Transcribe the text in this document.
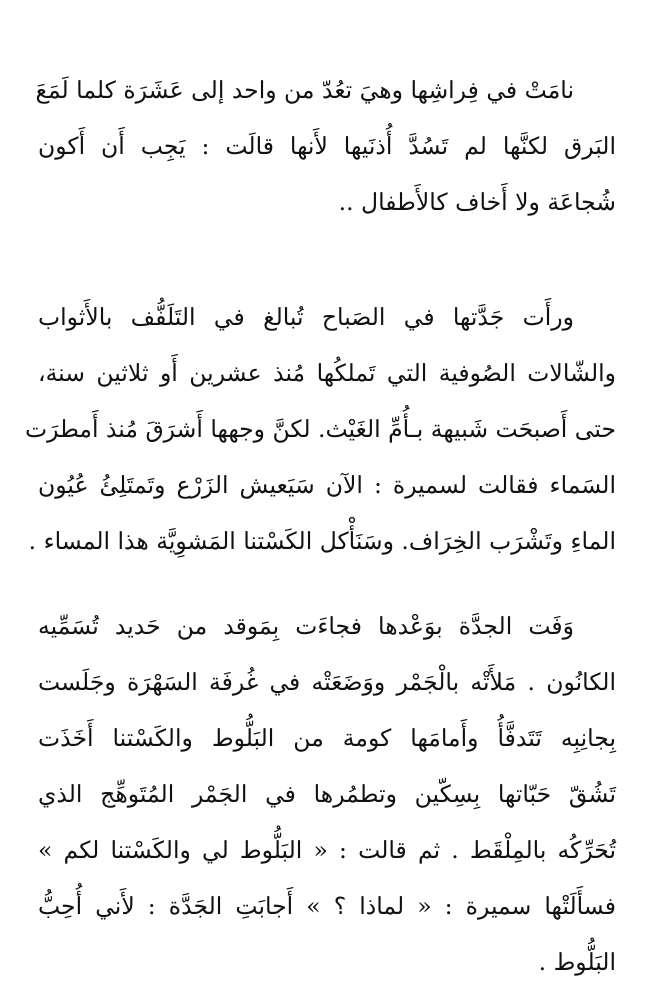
نامَتْ في فِراشِها وهيَ تعُدّ من واحد إلى عَشَرَة كلما لَمَعَ
البَرق لكنَّها لم تَسُدَّ أُذنَيها لأَنها قالَت : يَجِب أَن أَكون
شُجاعَة ولا أَخاف كالأَطفال ..
ورأَت جَدَّتها في الصَباح تُبالغ في التَلَفُّف بالأَثواب
والشّالات الصُوفية التي تَملكُها مُنذ عشرين أَو ثلاثين سنة،
حتى أَصبحَت شَبيهة بـأُمِّ الغَيْث. لكنَّ وجهها أَشرَقَ مُنذ أَمطرَت
السَماء فقالت لسميرة : الآن سَيَعيش الزَرْع وتَمتَلِئُ عُيُون
الماءِ وتَشْرَب الخِرَاف. وسَنَأْكل الكَسْتنا المَشوِيَّة هذا المساء .
وَفَت الجدَّة بوَعْدها فجاءَت بِمَوقد من حَديد تُسَمِّيه
الكانُون . مَلأَتْه بالْجَمْر ووَضَعَتْه في غُرفَة السَهْرَة وجَلَست
بِجانِبِه تَتَدفَّأُ وأَمامَها كومة من البَلُّوط والكَسْتنا أَخَذَت
تَشُقّ حَبّاتها بِسِكّين وتطمُرها في الجَمْر المُتَوهِّج الذي
تُحَرِّكُه بالمِلْقَط . ثم قالت : « البَلُّوط لي والكَسْتنا لكم »
فسأَلَتْها سميرة : « لماذا ؟ » أَجابَتِ الجَدَّة : لأَني أُحِبُّ
البَلُّوط .
